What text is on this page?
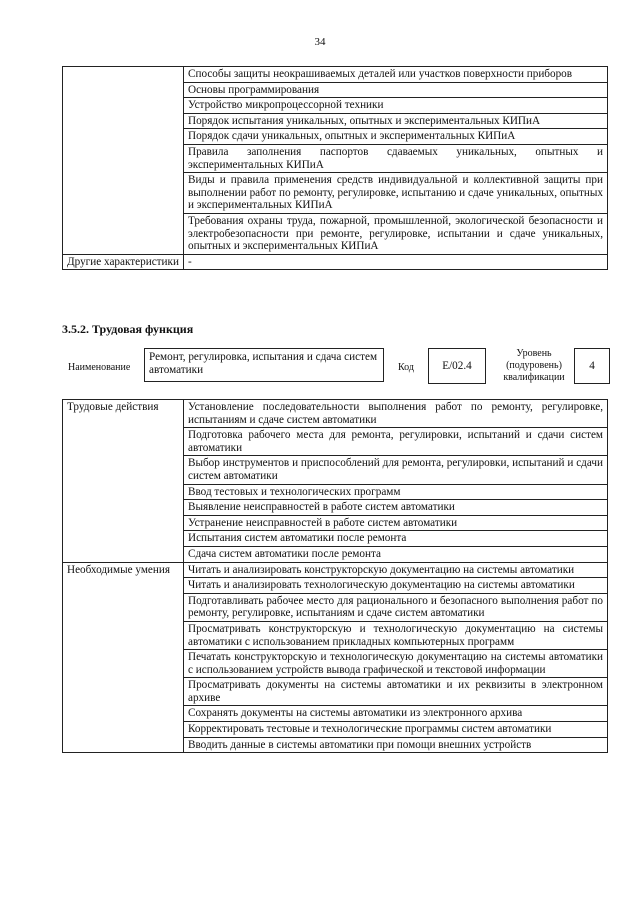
34
	Способы защиты неокрашиваемых деталей или участков поверхности приборов
	Основы программирования
	Устройство микропроцессорной техники
	Порядок испытания уникальных, опытных и экспериментальных КИПиА
	Порядок сдачи уникальных, опытных и экспериментальных КИПиА
	Правила заполнения паспортов сдаваемых уникальных, опытных и экспериментальных КИПиА
	Виды и правила применения средств индивидуальной и коллективной защиты при выполнении работ по ремонту, регулировке, испытанию и сдаче уникальных, опытных и экспериментальных КИПиА
	Требования охраны труда, пожарной, промышленной, экологической безопасности и электробезопасности при ремонте, регулировке, испытании и сдаче уникальных, опытных и экспериментальных КИПиА
Другие характеристики	-
3.5.2. Трудовая функция
Наименование
Ремонт, регулировка, испытания и сдача систем автоматики	Код	E/02.4
Уровень (подуровень) квалификации
4
Трудовые действия	Установление последовательности выполнения работ по ремонту, регулировке, испытаниям и сдаче систем автоматики
	Подготовка рабочего места для ремонта, регулировки, испытаний и сдачи систем автоматики
	Выбор инструментов и приспособлений для ремонта, регулировки, испытаний и сдачи систем автоматики
	Ввод тестовых и технологических программ
	Выявление неисправностей в работе систем автоматики
	Устранение неисправностей в работе систем автоматики
	Испытания систем автоматики после ремонта
	Сдача систем автоматики после ремонта
Необходимые умения	Читать и анализировать конструкторскую документацию на системы автоматики
	Читать и анализировать технологическую документацию на системы автоматики
	Подготавливать рабочее место для рационального и безопасного выполнения работ по ремонту, регулировке, испытаниям и сдаче систем автоматики
	Просматривать конструкторскую и технологическую документацию на системы автоматики с использованием прикладных компьютерных программ
	Печатать конструкторскую и технологическую документацию на системы автоматики с использованием устройств вывода графической и текстовой информации
	Просматривать документы на системы автоматики и их реквизиты в электронном архиве
	Сохранять документы на системы автоматики из электронного архива
	Корректировать тестовые и технологические программы систем автоматики
	Вводить данные в системы автоматики при помощи внешних устройств
